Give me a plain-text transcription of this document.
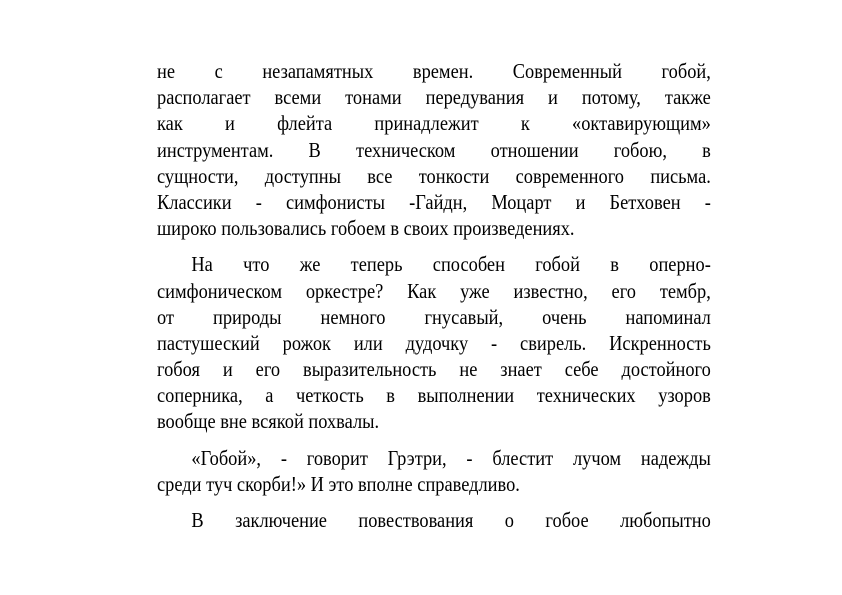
не с незапамятных времен. Современный гобой,
располагает всеми тонами передувания и потому, также
как и флейта принадлежит к «октавирующим»
инструментам. В техническом отношении гобою, в
сущности, доступны все тонкости современного письма.
Классики - симфонисты -Гайдн, Моцарт и Бетховен -
широко пользовались гобоем в своих произведениях.
На что же теперь способен гобой в оперно-
симфоническом оркестре? Как уже известно, его тембр,
от природы немного гнусавый, очень напоминал
пастушеский рожок или дудочку - свирель. Искренность
гобоя и его выразительность не знает себе достойного
соперника, а четкость в выполнении технических узоров
вообще вне всякой похвалы.
«Гобой», - говорит Грэтри, - блестит лучом надежды
среди туч скорби!» И это вполне справедливо.
В заключение повествования о гобое любопытно
